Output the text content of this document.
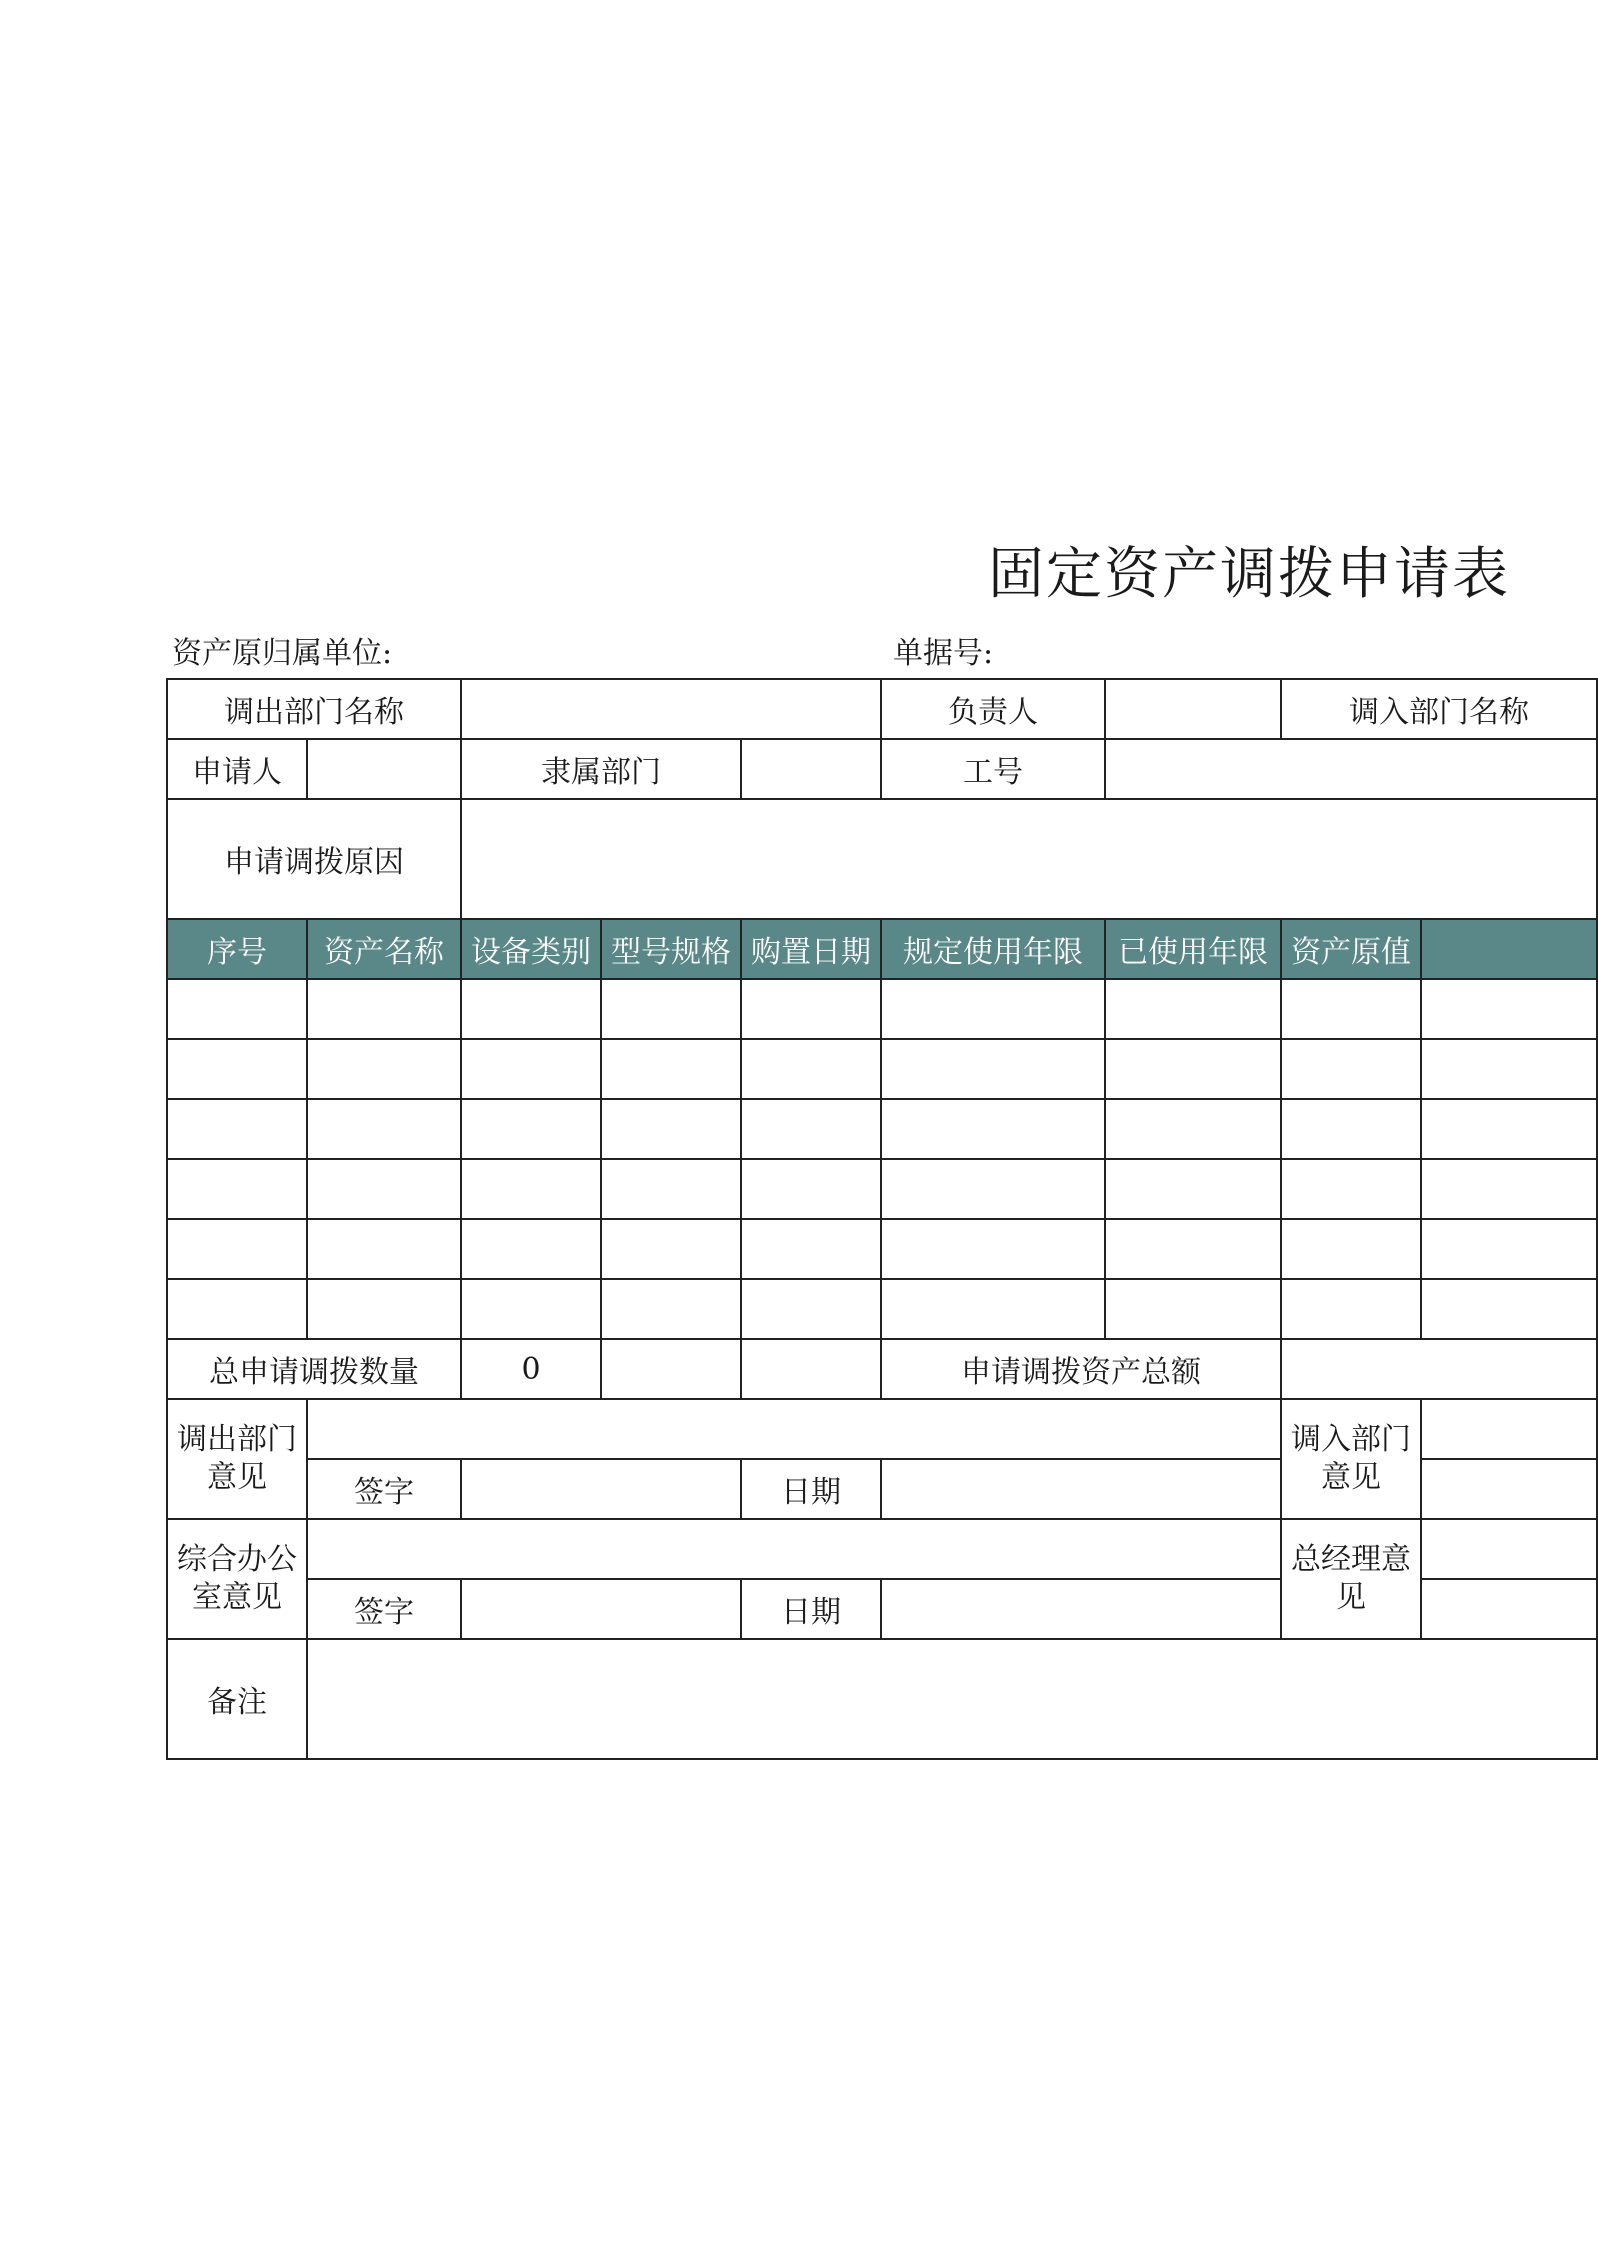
固定资产调拨申请表
资产原归属单位:	单据号:
调出部门名称					负责人		调入部门名称	
申请人		隶属部门			工号			
申请调拨原因								
序号	资产名称	设备类别	型号规格	购置日期	规定使用年限	已使用年限	资产原值	

总申请调拨数量		0			申请调拨资产总额			
调出部门意见							调入部门意见	
	签字			日期				
综合办公室意见							总经理意见	
	签字			日期				
备注								
